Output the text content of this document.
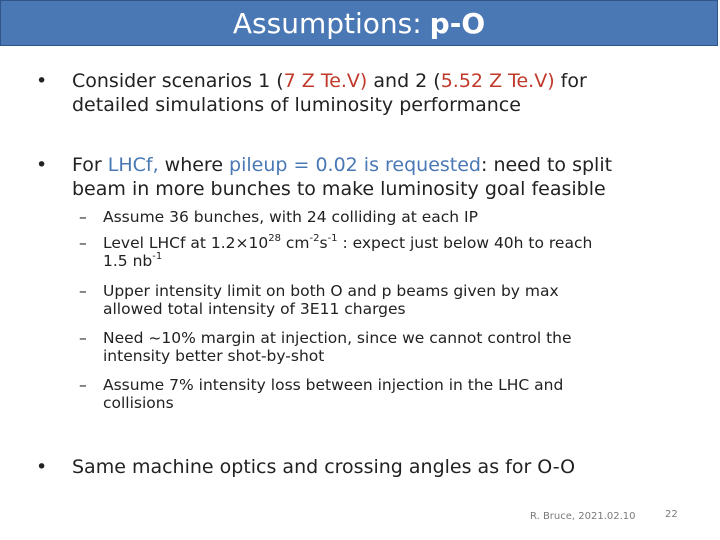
Assumptions: p-O
• Consider scenarios 1 (7 Z Te.V) and 2 (5.52 Z Te.V) for
detailed simulations of luminosity performance
• For LHCf, where pileup = 0.02 is requested: need to split
beam in more bunches to make luminosity goal feasible
– Assume 36 bunches, with 24 colliding at each IP
– Level LHCf at $1.2\times 10^{28}$ $cm^{-2}s^{-1}$ : expect just below 40h to reach
1.5 $nb^{-1}$
– Upper intensity limit on both O and p beams given by max
allowed total intensity of 3E11 charges
– Need ~10% margin at injection, since we cannot control the
intensity better shot-by-shot
– Assume 7% intensity loss between injection in the LHC and
collisions
• Same machine optics and crossing angles as for O-O
R. Bruce, 2021.02.10	22
